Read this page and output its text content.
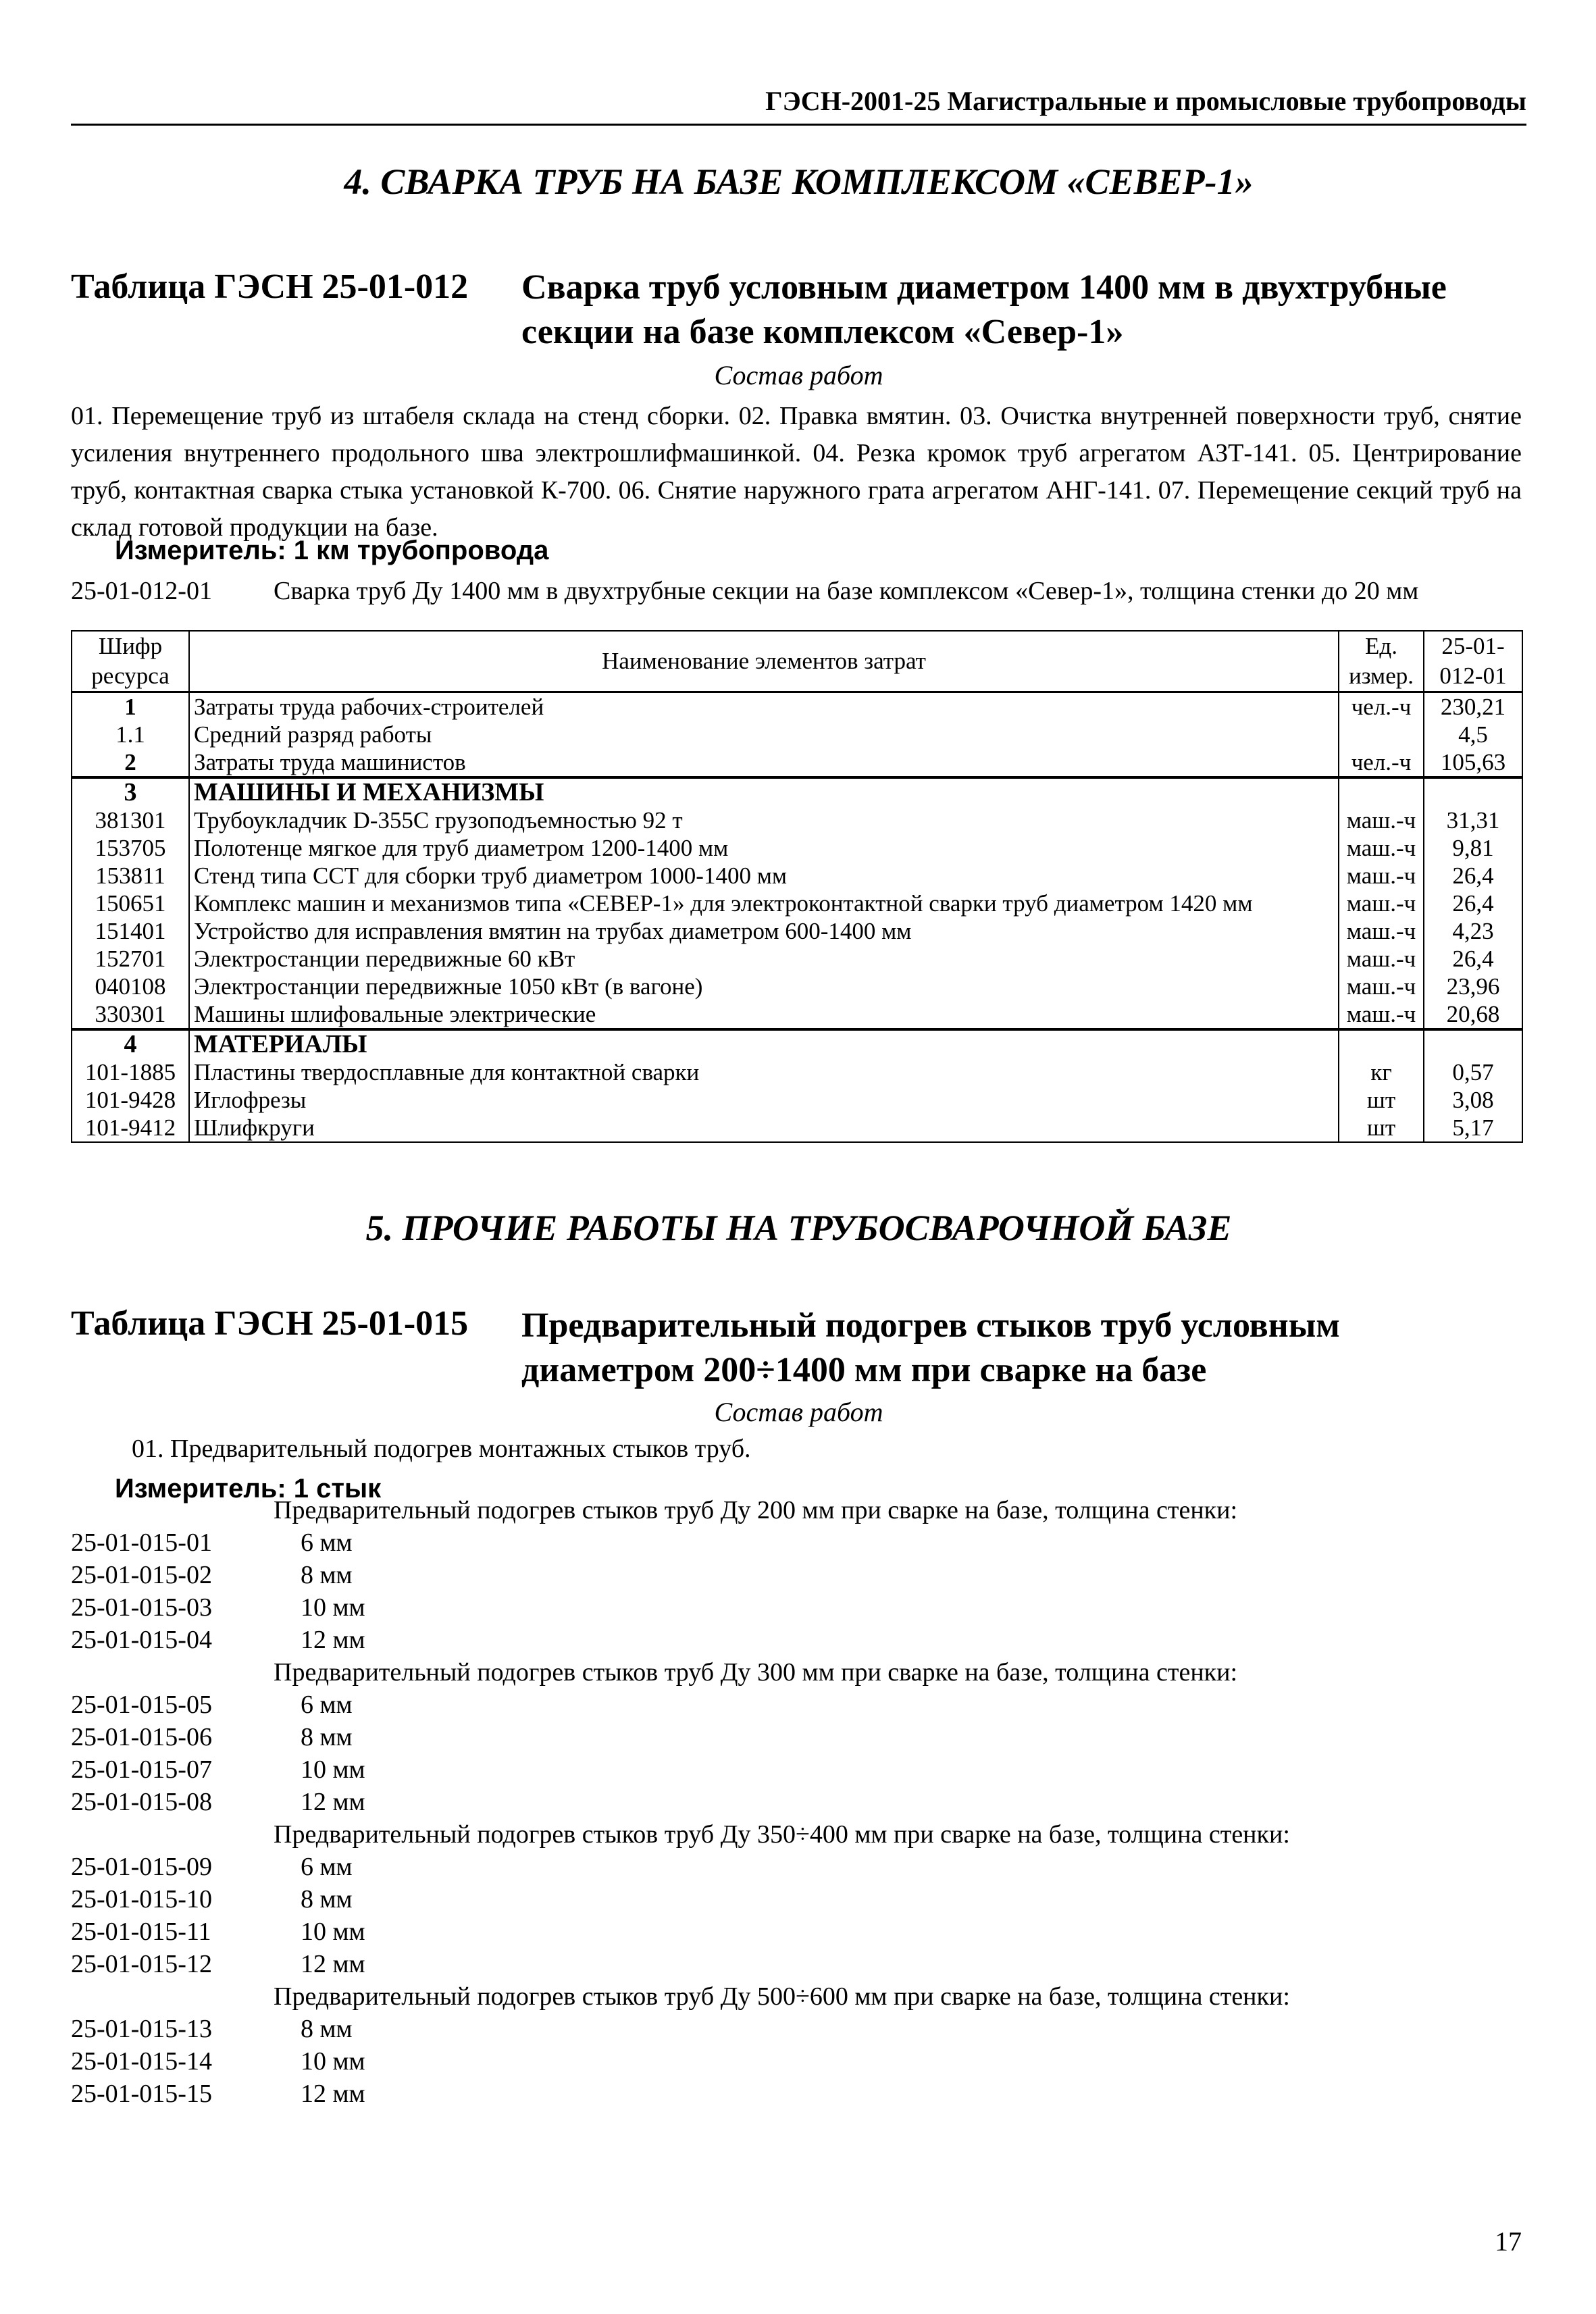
ГЭСН-2001-25 Магистральные и промысловые трубопроводы
4. СВАРКА ТРУБ НА БАЗЕ КОМПЛЕКСОМ «СЕВЕР-1»
Таблица ГЭСН 25-01-012 Сварка труб условным диаметром 1400 мм в двухтрубные секции на базе комплексом «Север-1»
Состав работ
01. Перемещение труб из штабеля склада на стенд сборки. 02. Правка вмятин. 03. Очистка внутренней поверхности труб, снятие усиления внутреннего продольного шва электрошлифмашинкой. 04. Резка кромок труб агрегатом АЗТ-141. 05. Центрирование труб, контактная сварка стыка установкой К-700. 06. Снятие наружного грата агрегатом АНГ-141. 07. Перемещение секций труб на склад готовой продукции на базе.
Измеритель: 1 км трубопровода
25-01-012-01 Сварка труб Ду 1400 мм в двухтрубные секции на базе комплексом «Север-1», толщина стенки до 20 мм
Шифр ресурса	Наименование элементов затрат	Ед. измер.	25-01-012-01
1	Затраты труда рабочих-строителей	чел.-ч	230,21
1.1	Средний разряд работы		4,5
2	Затраты труда машинистов	чел.-ч	105,63
3	МАШИНЫ И МЕХАНИЗМЫ		
381301	Трубоукладчик D-355C грузоподъемностью 92 т	маш.-ч	31,31
153705	Полотенце мягкое для труб диаметром 1200-1400 мм	маш.-ч	9,81
153811	Стенд типа ССТ для сборки труб диаметром 1000-1400 мм	маш.-ч	26,4
150651	Комплекс машин и механизмов типа «СЕВЕР-1» для электроконтактной сварки труб диаметром 1420 мм	маш.-ч	26,4
151401	Устройство для исправления вмятин на трубах диаметром 600-1400 мм	маш.-ч	4,23
152701	Электростанции передвижные 60 кВт	маш.-ч	26,4
040108	Электростанции передвижные 1050 кВт (в вагоне)	маш.-ч	23,96
330301	Машины шлифовальные электрические	маш.-ч	20,68
4	МАТЕРИАЛЫ		
101-1885	Пластины твердосплавные для контактной сварки	кг	0,57
101-9428	Иглофрезы	шт	3,08
101-9412	Шлифкруги	шт	5,17
5. ПРОЧИЕ РАБОТЫ НА ТРУБОСВАРОЧНОЙ БАЗЕ
Таблица ГЭСН 25-01-015 Предварительный подогрев стыков труб условным диаметром 200÷1400 мм при сварке на базе
Состав работ
01. Предварительный подогрев монтажных стыков труб.
Измеритель: 1 стык
Предварительный подогрев стыков труб Ду 200 мм при сварке на базе, толщина стенки:
25-01-015-01	6 мм
25-01-015-02	8 мм
25-01-015-03	10 мм
25-01-015-04	12 мм
Предварительный подогрев стыков труб Ду 300 мм при сварке на базе, толщина стенки:
25-01-015-05	6 мм
25-01-015-06	8 мм
25-01-015-07	10 мм
25-01-015-08	12 мм
Предварительный подогрев стыков труб Ду 350÷400 мм при сварке на базе, толщина стенки:
25-01-015-09	6 мм
25-01-015-10	8 мм
25-01-015-11	10 мм
25-01-015-12	12 мм
Предварительный подогрев стыков труб Ду 500÷600 мм при сварке на базе, толщина стенки:
25-01-015-13	8 мм
25-01-015-14	10 мм
25-01-015-15	12 мм
17
